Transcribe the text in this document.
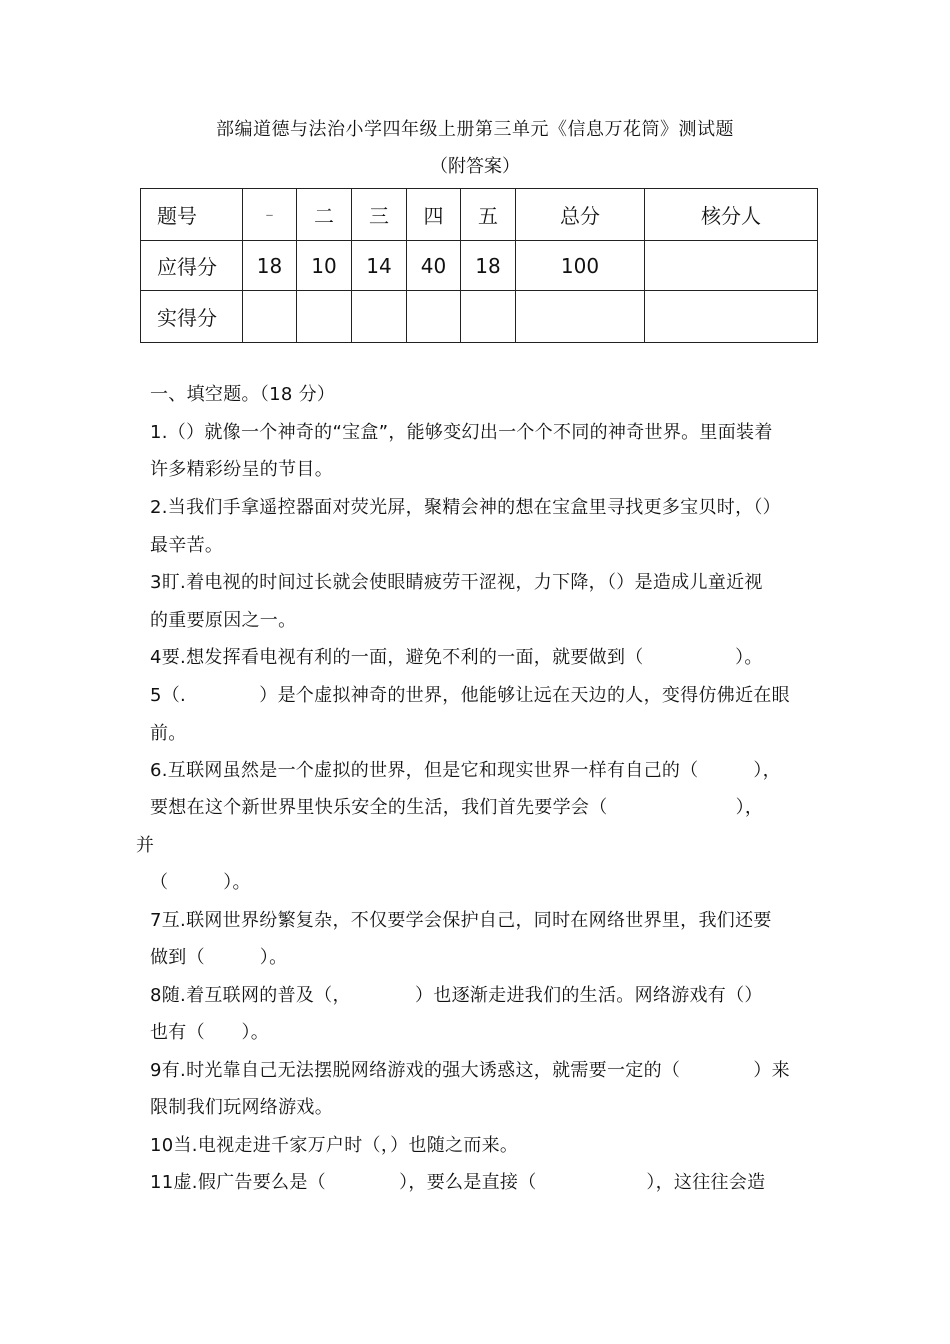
部编道德与法治小学四年级上册第三单元《信息万花筒》测试题
（附答案）
题号	–	二	三	四	五	总分	核分人
应得分	18	10	14	40	18	100	
实得分							
一、填空题。（18 分）
1.（）就像一个神奇的“宝盒”，能够变幻出一个个不同的神奇世界。里面装着
许多精彩纷呈的节目。
2.当我们手拿遥控器面对荧光屏，聚精会神的想在宝盒里寻找更多宝贝时，（）
最辛苦。
3盯.着电视的时间过长就会使眼睛疲劳干涩视，力下降，（）是造成儿童近视
的重要原因之一。
4要.想发挥看电视有利的一面，避免不利的一面，就要做到（　　　　　）。
5（.　　　　）是个虚拟神奇的世界，他能够让远在天边的人，变得仿佛近在眼
前。
6.互联网虽然是一个虚拟的世界，但是它和现实世界一样有自己的（　　　），
要想在这个新世界里快乐安全的生活，我们首先要学会（　　　　　　　），
并
（　　　）。
7互.联网世界纷繁复杂，不仅要学会保护自己，同时在网络世界里，我们还要
做到（　　　）。
8随.着互联网的普及（，　　　　）也逐渐走进我们的生活。网络游戏有（）
也有（　　）。
9有.时光靠自己无法摆脱网络游戏的强大诱惑这，就需要一定的（　　　　）来
限制我们玩网络游戏。
10当.电视走进千家万户时（，）也随之而来。
11虚.假广告要么是（　　　　），要么是直接（　　　　　　），这往往会造
